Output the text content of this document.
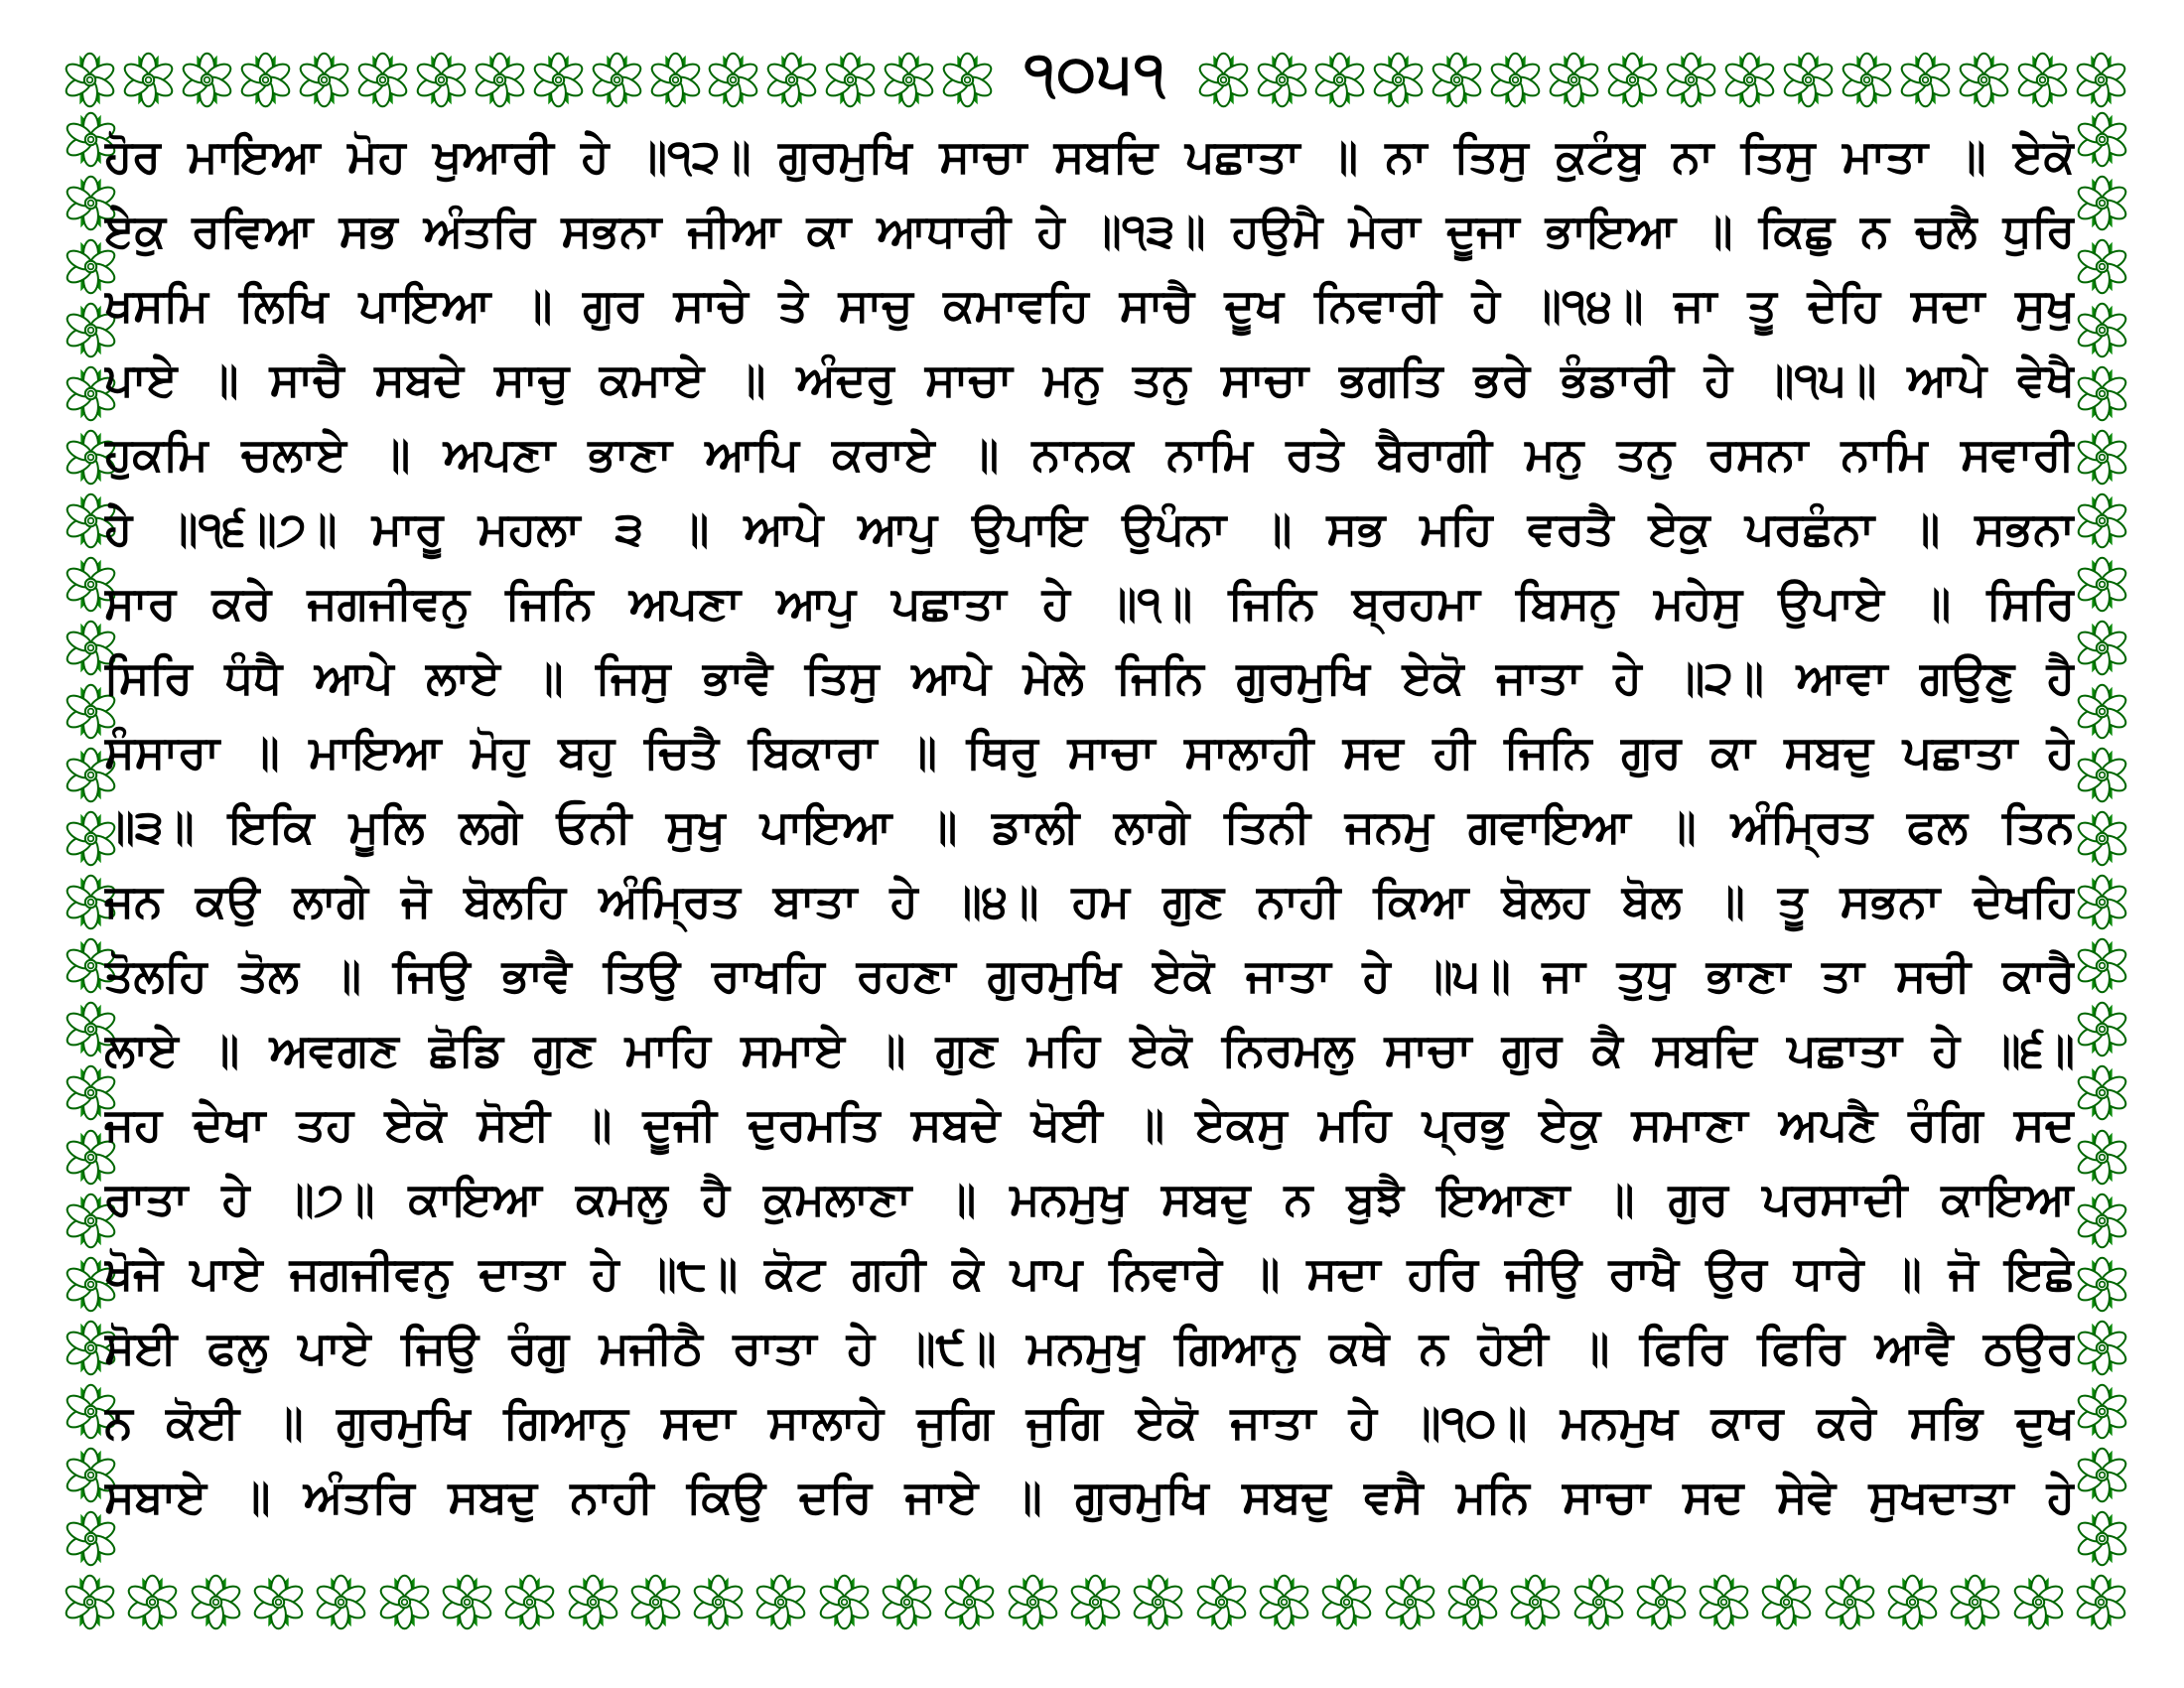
੧੦੫੧
ਹੋਰ ਮਾਇਆ ਮੋਹ ਖੁਆਰੀ ਹੇ ॥੧੨॥ ਗੁਰਮੁਖਿ ਸਾਚਾ ਸਬਦਿ ਪਛਾਤਾ ॥ ਨਾ ਤਿਸੁ ਕੁਟੰਬੁ ਨਾ ਤਿਸੁ ਮਾਤਾ ॥ ਏਕੋ
ਏਕੁ ਰਵਿਆ ਸਭ ਅੰਤਰਿ ਸਭਨਾ ਜੀਆ ਕਾ ਆਧਾਰੀ ਹੇ ॥੧੩॥ ਹਉਮੈ ਮੇਰਾ ਦੂਜਾ ਭਾਇਆ ॥ ਕਿਛੁ ਨ ਚਲੈ ਧੁਰਿ
ਖਸਮਿ ਲਿਖਿ ਪਾਇਆ ॥ ਗੁਰ ਸਾਚੇ ਤੇ ਸਾਚੁ ਕਮਾਵਹਿ ਸਾਚੈ ਦੂਖ ਨਿਵਾਰੀ ਹੇ ॥੧੪॥ ਜਾ ਤੂ ਦੇਹਿ ਸਦਾ ਸੁਖੁ
ਪਾਏ ॥ ਸਾਚੈ ਸਬਦੇ ਸਾਚੁ ਕਮਾਏ ॥ ਅੰਦਰੁ ਸਾਚਾ ਮਨੁ ਤਨੁ ਸਾਚਾ ਭਗਤਿ ਭਰੇ ਭੰਡਾਰੀ ਹੇ ॥੧੫॥ ਆਪੇ ਵੇਖੈ
ਹੁਕਮਿ ਚਲਾਏ ॥ ਅਪਣਾ ਭਾਣਾ ਆਪਿ ਕਰਾਏ ॥ ਨਾਨਕ ਨਾਮਿ ਰਤੇ ਬੈਰਾਗੀ ਮਨੁ ਤਨੁ ਰਸਨਾ ਨਾਮਿ ਸਵਾਰੀ
ਹੇ ॥੧੬॥੭॥ ਮਾਰੂ ਮਹਲਾ ੩ ॥ ਆਪੇ ਆਪੁ ਉਪਾਇ ਉਪੰਨਾ ॥ ਸਭ ਮਹਿ ਵਰਤੈ ਏਕੁ ਪਰਛੰਨਾ ॥ ਸਭਨਾ
ਸਾਰ ਕਰੇ ਜਗਜੀਵਨੁ ਜਿਨਿ ਅਪਣਾ ਆਪੁ ਪਛਾਤਾ ਹੇ ॥੧॥ ਜਿਨਿ ਬ੍ਰਹਮਾ ਬਿਸਨੁ ਮਹੇਸੁ ਉਪਾਏ ॥ ਸਿਰਿ
ਸਿਰਿ ਧੰਧੈ ਆਪੇ ਲਾਏ ॥ ਜਿਸੁ ਭਾਵੈ ਤਿਸੁ ਆਪੇ ਮੇਲੇ ਜਿਨਿ ਗੁਰਮੁਖਿ ਏਕੋ ਜਾਤਾ ਹੇ ॥੨॥ ਆਵਾ ਗਉਣੁ ਹੈ
ਸੰਸਾਰਾ ॥ ਮਾਇਆ ਮੋਹੁ ਬਹੁ ਚਿਤੈ ਬਿਕਾਰਾ ॥ ਥਿਰੁ ਸਾਚਾ ਸਾਲਾਹੀ ਸਦ ਹੀ ਜਿਨਿ ਗੁਰ ਕਾ ਸਬਦੁ ਪਛਾਤਾ ਹੇ
॥੩॥ ਇਕਿ ਮੂਲਿ ਲਗੇ ਓਨੀ ਸੁਖੁ ਪਾਇਆ ॥ ਡਾਲੀ ਲਾਗੇ ਤਿਨੀ ਜਨਮੁ ਗਵਾਇਆ ॥ ਅੰਮ੍ਰਿਤ ਫਲ ਤਿਨ
ਜਨ ਕਉ ਲਾਗੇ ਜੋ ਬੋਲਹਿ ਅੰਮ੍ਰਿਤ ਬਾਤਾ ਹੇ ॥੪॥ ਹਮ ਗੁਣ ਨਾਹੀ ਕਿਆ ਬੋਲਹ ਬੋਲ ॥ ਤੂ ਸਭਨਾ ਦੇਖਹਿ
ਤੋਲਹਿ ਤੋਲ ॥ ਜਿਉ ਭਾਵੈ ਤਿਉ ਰਾਖਹਿ ਰਹਣਾ ਗੁਰਮੁਖਿ ਏਕੋ ਜਾਤਾ ਹੇ ॥੫॥ ਜਾ ਤੁਧੁ ਭਾਣਾ ਤਾ ਸਚੀ ਕਾਰੈ
ਲਾਏ ॥ ਅਵਗਣ ਛੋਡਿ ਗੁਣ ਮਾਹਿ ਸਮਾਏ ॥ ਗੁਣ ਮਹਿ ਏਕੋ ਨਿਰਮਲੁ ਸਾਚਾ ਗੁਰ ਕੈ ਸਬਦਿ ਪਛਾਤਾ ਹੇ ॥੬॥
ਜਹ ਦੇਖਾ ਤਹ ਏਕੋ ਸੋਈ ॥ ਦੂਜੀ ਦੁਰਮਤਿ ਸਬਦੇ ਖੋਈ ॥ ਏਕਸੁ ਮਹਿ ਪ੍ਰਭੁ ਏਕੁ ਸਮਾਣਾ ਅਪਣੈ ਰੰਗਿ ਸਦ
ਰਾਤਾ ਹੇ ॥੭॥ ਕਾਇਆ ਕਮਲੁ ਹੈ ਕੁਮਲਾਣਾ ॥ ਮਨਮੁਖੁ ਸਬਦੁ ਨ ਬੁਝੈ ਇਆਣਾ ॥ ਗੁਰ ਪਰਸਾਦੀ ਕਾਇਆ
ਖੋਜੇ ਪਾਏ ਜਗਜੀਵਨੁ ਦਾਤਾ ਹੇ ॥੮॥ ਕੋਟ ਗਹੀ ਕੇ ਪਾਪ ਨਿਵਾਰੇ ॥ ਸਦਾ ਹਰਿ ਜੀਉ ਰਾਖੈ ਉਰ ਧਾਰੇ ॥ ਜੋ ਇਛੇ
ਸੋਈ ਫਲੁ ਪਾਏ ਜਿਉ ਰੰਗੁ ਮਜੀਠੈ ਰਾਤਾ ਹੇ ॥੯॥ ਮਨਮੁਖੁ ਗਿਆਨੁ ਕਥੇ ਨ ਹੋਈ ॥ ਫਿਰਿ ਫਿਰਿ ਆਵੈ ਠਉਰ
ਨ ਕੋਈ ॥ ਗੁਰਮੁਖਿ ਗਿਆਨੁ ਸਦਾ ਸਾਲਾਹੇ ਜੁਗਿ ਜੁਗਿ ਏਕੋ ਜਾਤਾ ਹੇ ॥੧੦॥ ਮਨਮੁਖ ਕਾਰ ਕਰੇ ਸਭਿ ਦੁਖ
ਸਬਾਏ ॥ ਅੰਤਰਿ ਸਬਦੁ ਨਾਹੀ ਕਿਉ ਦਰਿ ਜਾਏ ॥ ਗੁਰਮੁਖਿ ਸਬਦੁ ਵਸੈ ਮਨਿ ਸਾਚਾ ਸਦ ਸੇਵੇ ਸੁਖਦਾਤਾ ਹੇ
